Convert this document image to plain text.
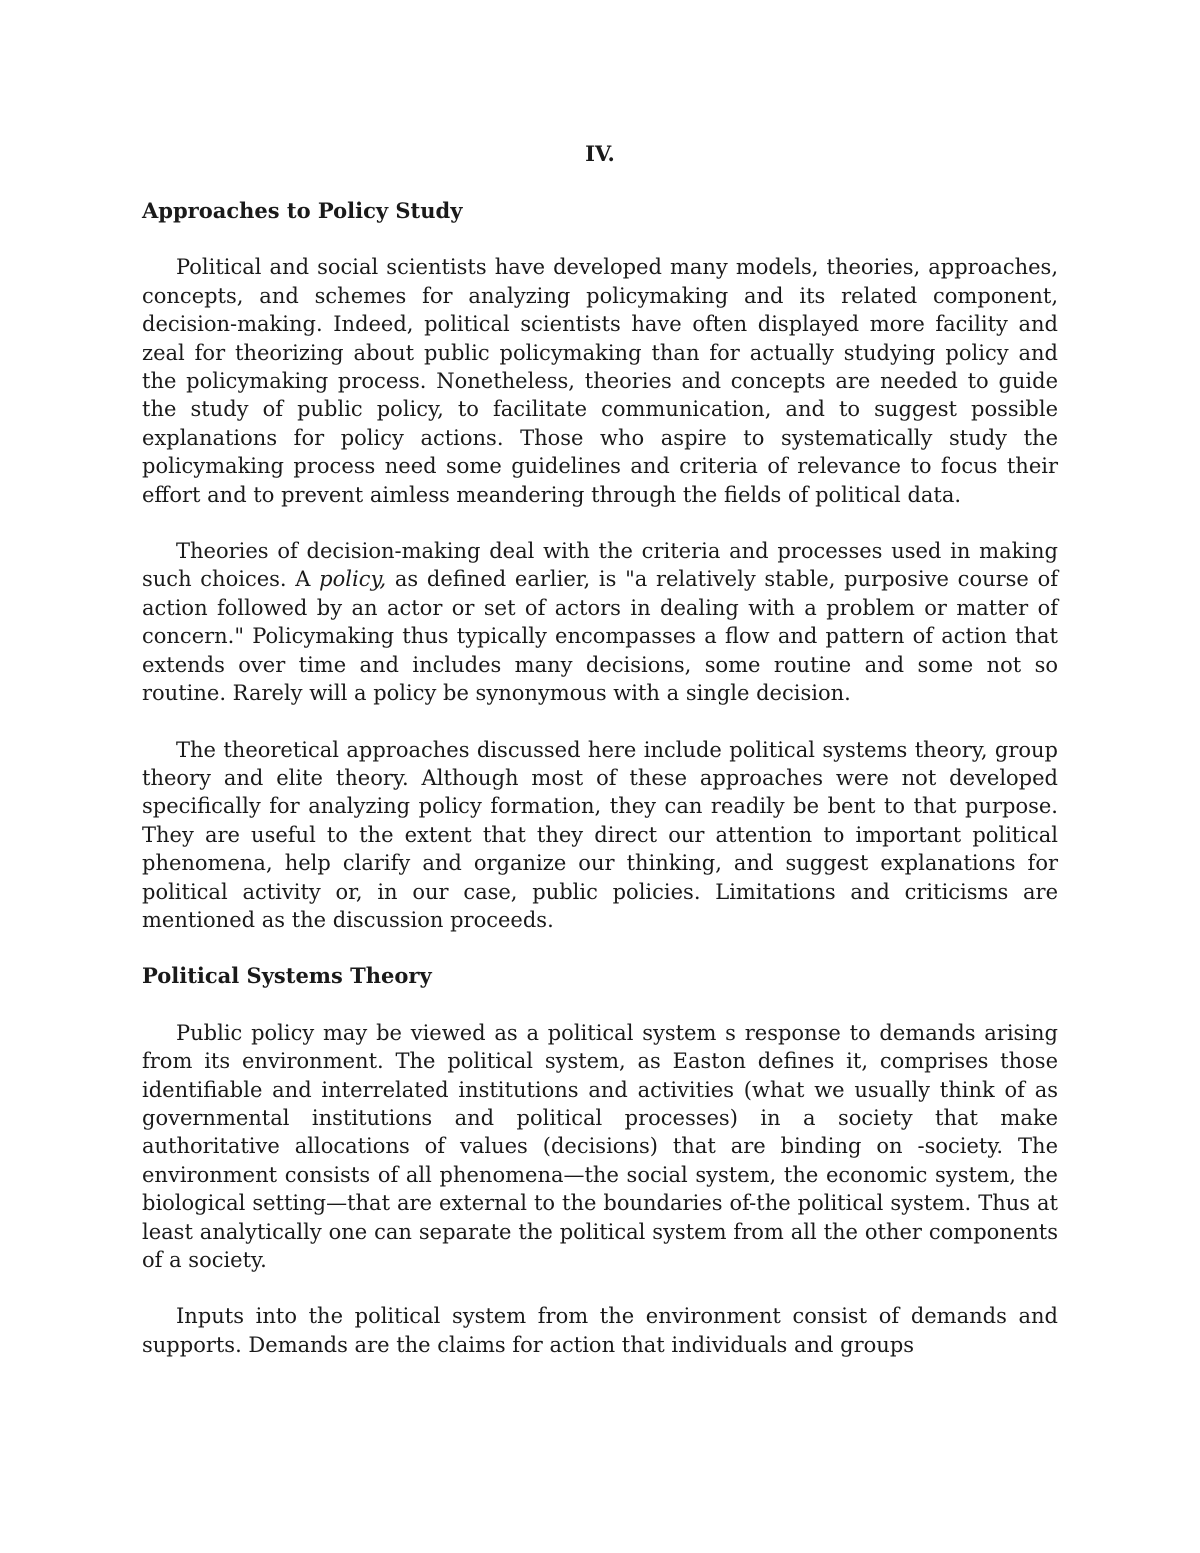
IV.
Approaches to Policy Study

Political and social scientists have developed many models, theories, approaches, concepts, and schemes for analyzing policymaking and its related component, decision-making. Indeed, political scientists have often displayed more facility and zeal for theorizing about public policymaking than for actually studying policy and the policymaking process. Nonetheless, theories and concepts are needed to guide the study of public policy, to facilitate communication, and to suggest possible explanations for policy actions. Those who aspire to systematically study the policymaking process need some guidelines and criteria of relevance to focus their effort and to prevent aimless meandering through the fields of political data.

Theories of decision-making deal with the criteria and processes used in making such choices. A policy, as defined earlier, is "a relatively stable, purposive course of action followed by an actor or set of actors in dealing with a problem or matter of concern." Policymaking thus typically encompasses a flow and pattern of action that extends over time and includes many decisions, some routine and some not so routine. Rarely will a policy be synonymous with a single decision.

The theoretical approaches discussed here include political systems theory, group theory and elite theory. Although most of these approaches were not developed specifically for analyzing policy formation, they can readily be bent to that purpose. They are useful to the extent that they direct our attention to important political phenomena, help clarify and organize our thinking, and suggest explanations for political activity or, in our case, public policies. Limitations and criticisms are mentioned as the discussion proceeds.

Political Systems Theory

Public policy may be viewed as a political system s response to demands arising from its environment. The political system, as Easton defines it, comprises those identifiable and interrelated institutions and activities (what we usually think of as governmental institutions and political processes) in a society that make authoritative allocations of values (decisions) that are binding on -society. The environment consists of all phenomena—the social system, the economic system, the biological setting—that are external to the boundaries of-the political system. Thus at least analytically one can separate the political system from all the other components of a society.

Inputs into the political system from the environment consist of demands and supports. Demands are the claims for action that individuals and groups
